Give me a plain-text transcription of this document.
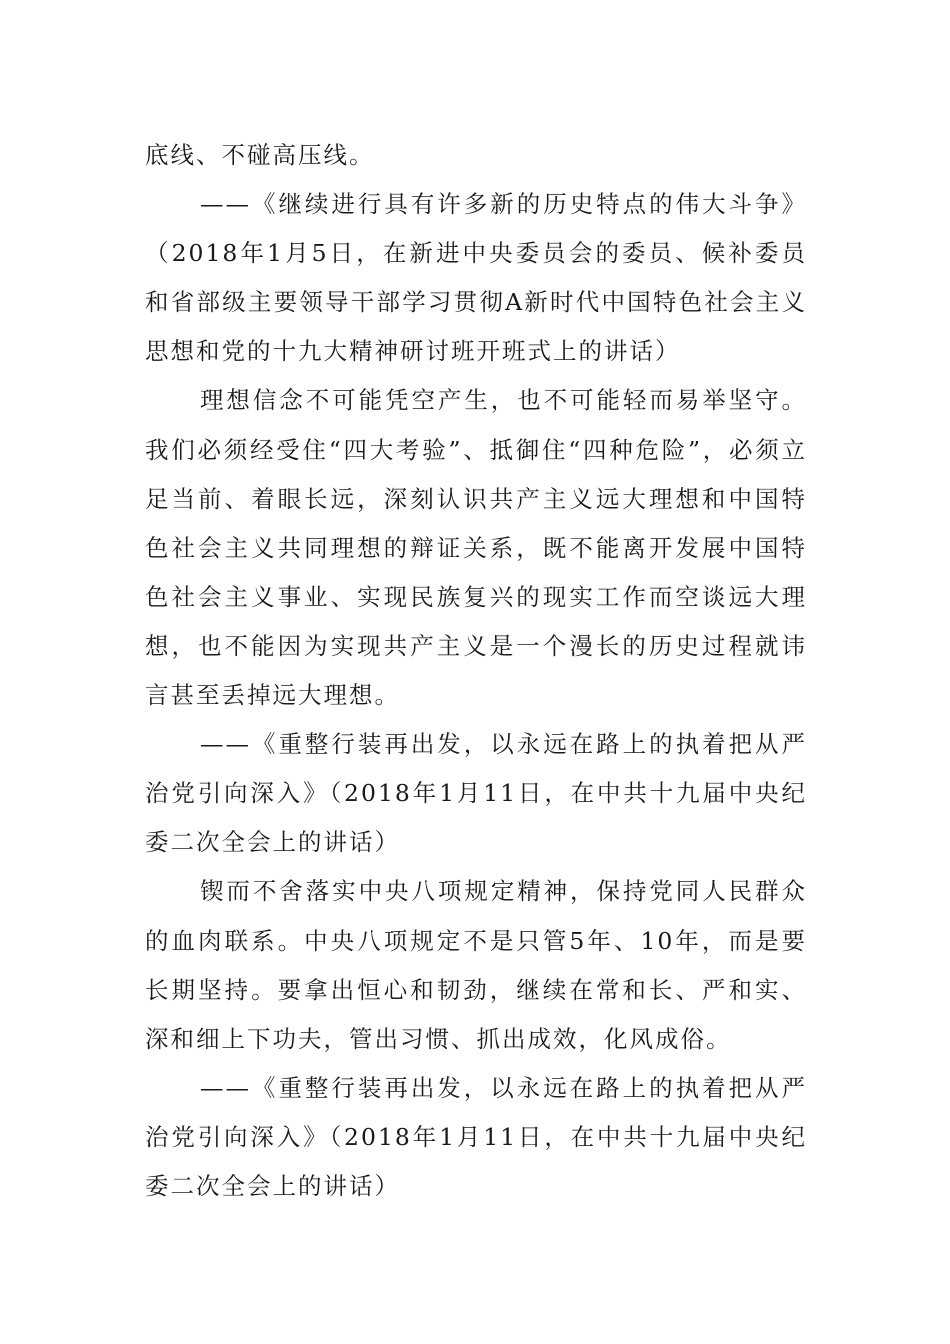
底线、不碰高压线。

——《继续进行具有许多新的历史特点的伟大斗争》（2018年1月5日，在新进中央委员会的委员、候补委员和省部级主要领导干部学习贯彻A新时代中国特色社会主义思想和党的十九大精神研讨班开班式上的讲话）

理想信念不可能凭空产生，也不可能轻而易举坚守。我们必须经受住“四大考验”、抵御住“四种危险”，必须立足当前、着眼长远，深刻认识共产主义远大理想和中国特色社会主义共同理想的辩证关系，既不能离开发展中国特色社会主义事业、实现民族复兴的现实工作而空谈远大理想，也不能因为实现共产主义是一个漫长的历史过程就讳言甚至丢掉远大理想。

——《重整行装再出发，以永远在路上的执着把从严治党引向深入》（2018年1月11日，在中共十九届中央纪委二次全会上的讲话）

锲而不舍落实中央八项规定精神，保持党同人民群众的血肉联系。中央八项规定不是只管5年、10年，而是要长期坚持。要拿出恒心和韧劲，继续在常和长、严和实、深和细上下功夫，管出习惯、抓出成效，化风成俗。

——《重整行装再出发，以永远在路上的执着把从严治党引向深入》（2018年1月11日，在中共十九届中央纪委二次全会上的讲话）
